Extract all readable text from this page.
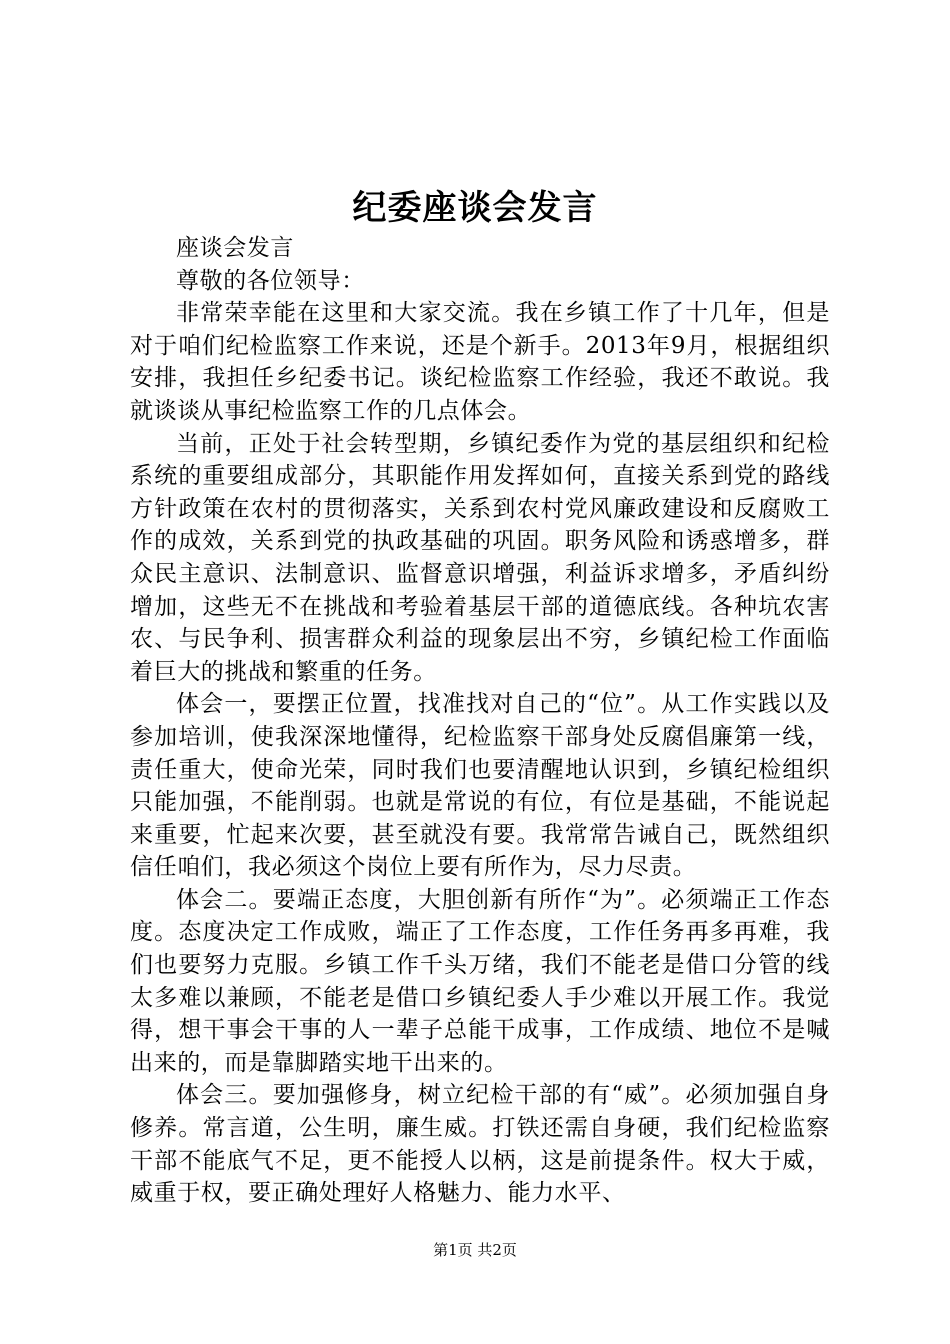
纪委座谈会发言

座谈会发言

尊敬的各位领导：

非常荣幸能在这里和大家交流。我在乡镇工作了十几年，但是对于咱们纪检监察工作来说，还是个新手。2013年9月，根据组织安排，我担任乡纪委书记。谈纪检监察工作经验，我还不敢说。我就谈谈从事纪检监察工作的几点体会。

当前，正处于社会转型期，乡镇纪委作为党的基层组织和纪检系统的重要组成部分，其职能作用发挥如何，直接关系到党的路线方针政策在农村的贯彻落实，关系到农村党风廉政建设和反腐败工作的成效，关系到党的执政基础的巩固。职务风险和诱惑增多，群众民主意识、法制意识、监督意识增强，利益诉求增多，矛盾纠纷增加，这些无不在挑战和考验着基层干部的道德底线。各种坑农害农、与民争利、损害群众利益的现象层出不穷，乡镇纪检工作面临着巨大的挑战和繁重的任务。

体会一，要摆正位置，找准找对自己的“位”。从工作实践以及参加培训，使我深深地懂得，纪检监察干部身处反腐倡廉第一线，责任重大，使命光荣，同时我们也要清醒地认识到，乡镇纪检组织只能加强，不能削弱。也就是常说的有位，有位是基础，不能说起来重要，忙起来次要，甚至就没有要。我常常告诫自己，既然组织信任咱们，我必须这个岗位上要有所作为，尽力尽责。

体会二。要端正态度，大胆创新有所作“为”。必须端正工作态度。态度决定工作成败，端正了工作态度，工作任务再多再难，我们也要努力克服。乡镇工作千头万绪，我们不能老是借口分管的线太多难以兼顾，不能老是借口乡镇纪委人手少难以开展工作。我觉得，想干事会干事的人一辈子总能干成事，工作成绩、地位不是喊出来的，而是靠脚踏实地干出来的。

体会三。要加强修身，树立纪检干部的有“威”。必须加强自身修养。常言道，公生明，廉生威。打铁还需自身硬，我们纪检监察干部不能底气不足，更不能授人以柄，这是前提条件。权大于威，威重于权，要正确处理好人格魅力、能力水平、

第1页 共2页
